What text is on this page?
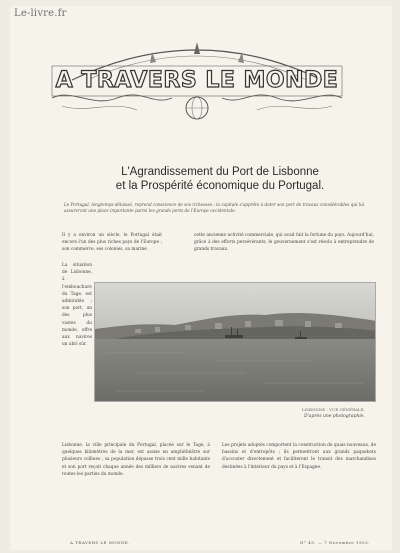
Le-livre.fr
A TRAVERS LE MONDE
L'Agrandissement du Port de Lisbonne
et la Prospérité économique du Portugal.
Le Portugal, longtemps délaissé, reprend conscience de ses richesses : la capitale s'apprête à doter son port de travaux considérables qui lui assureront une place importante parmi les grands ports de l'Europe occidentale.
Il y a environ un siècle, le Portugal était encore l'un des plus riches pays de l'Europe ; son commerce, ses colonies, sa marine
cette ancienne activité commerciale, qui avait fait la fortune du pays. Aujourd'hui, grâce à des efforts persévérants, le gouvernement s'est résolu à entreprendre de grands travaux.
La situation de Lisbonne, à l'embouchure du Tage, est admirable ; son port, un des plus vastes du monde, offre aux navires un abri sûr.
LISBONNE : VUE GÉNÉRALE.
D'après une photographie.
Lisbonne, la ville principale du Portugal, placée sur le Tage, à quelques kilomètres de la mer, est assise en amphithéâtre sur plusieurs collines ; sa population dépasse trois cent mille habitants et son port reçoit chaque année des milliers de navires venant de toutes les parties du monde.
Les projets adoptés comportent la construction de quais nouveaux, de bassins et d'entrepôts ; ils permettront aux grands paquebots d'accoster directement et faciliteront le transit des marchandises destinées à l'intérieur du pays et à l'Espagne.
A TRAVERS LE MONDE.	N° 45. — 7 Novembre 1903.
